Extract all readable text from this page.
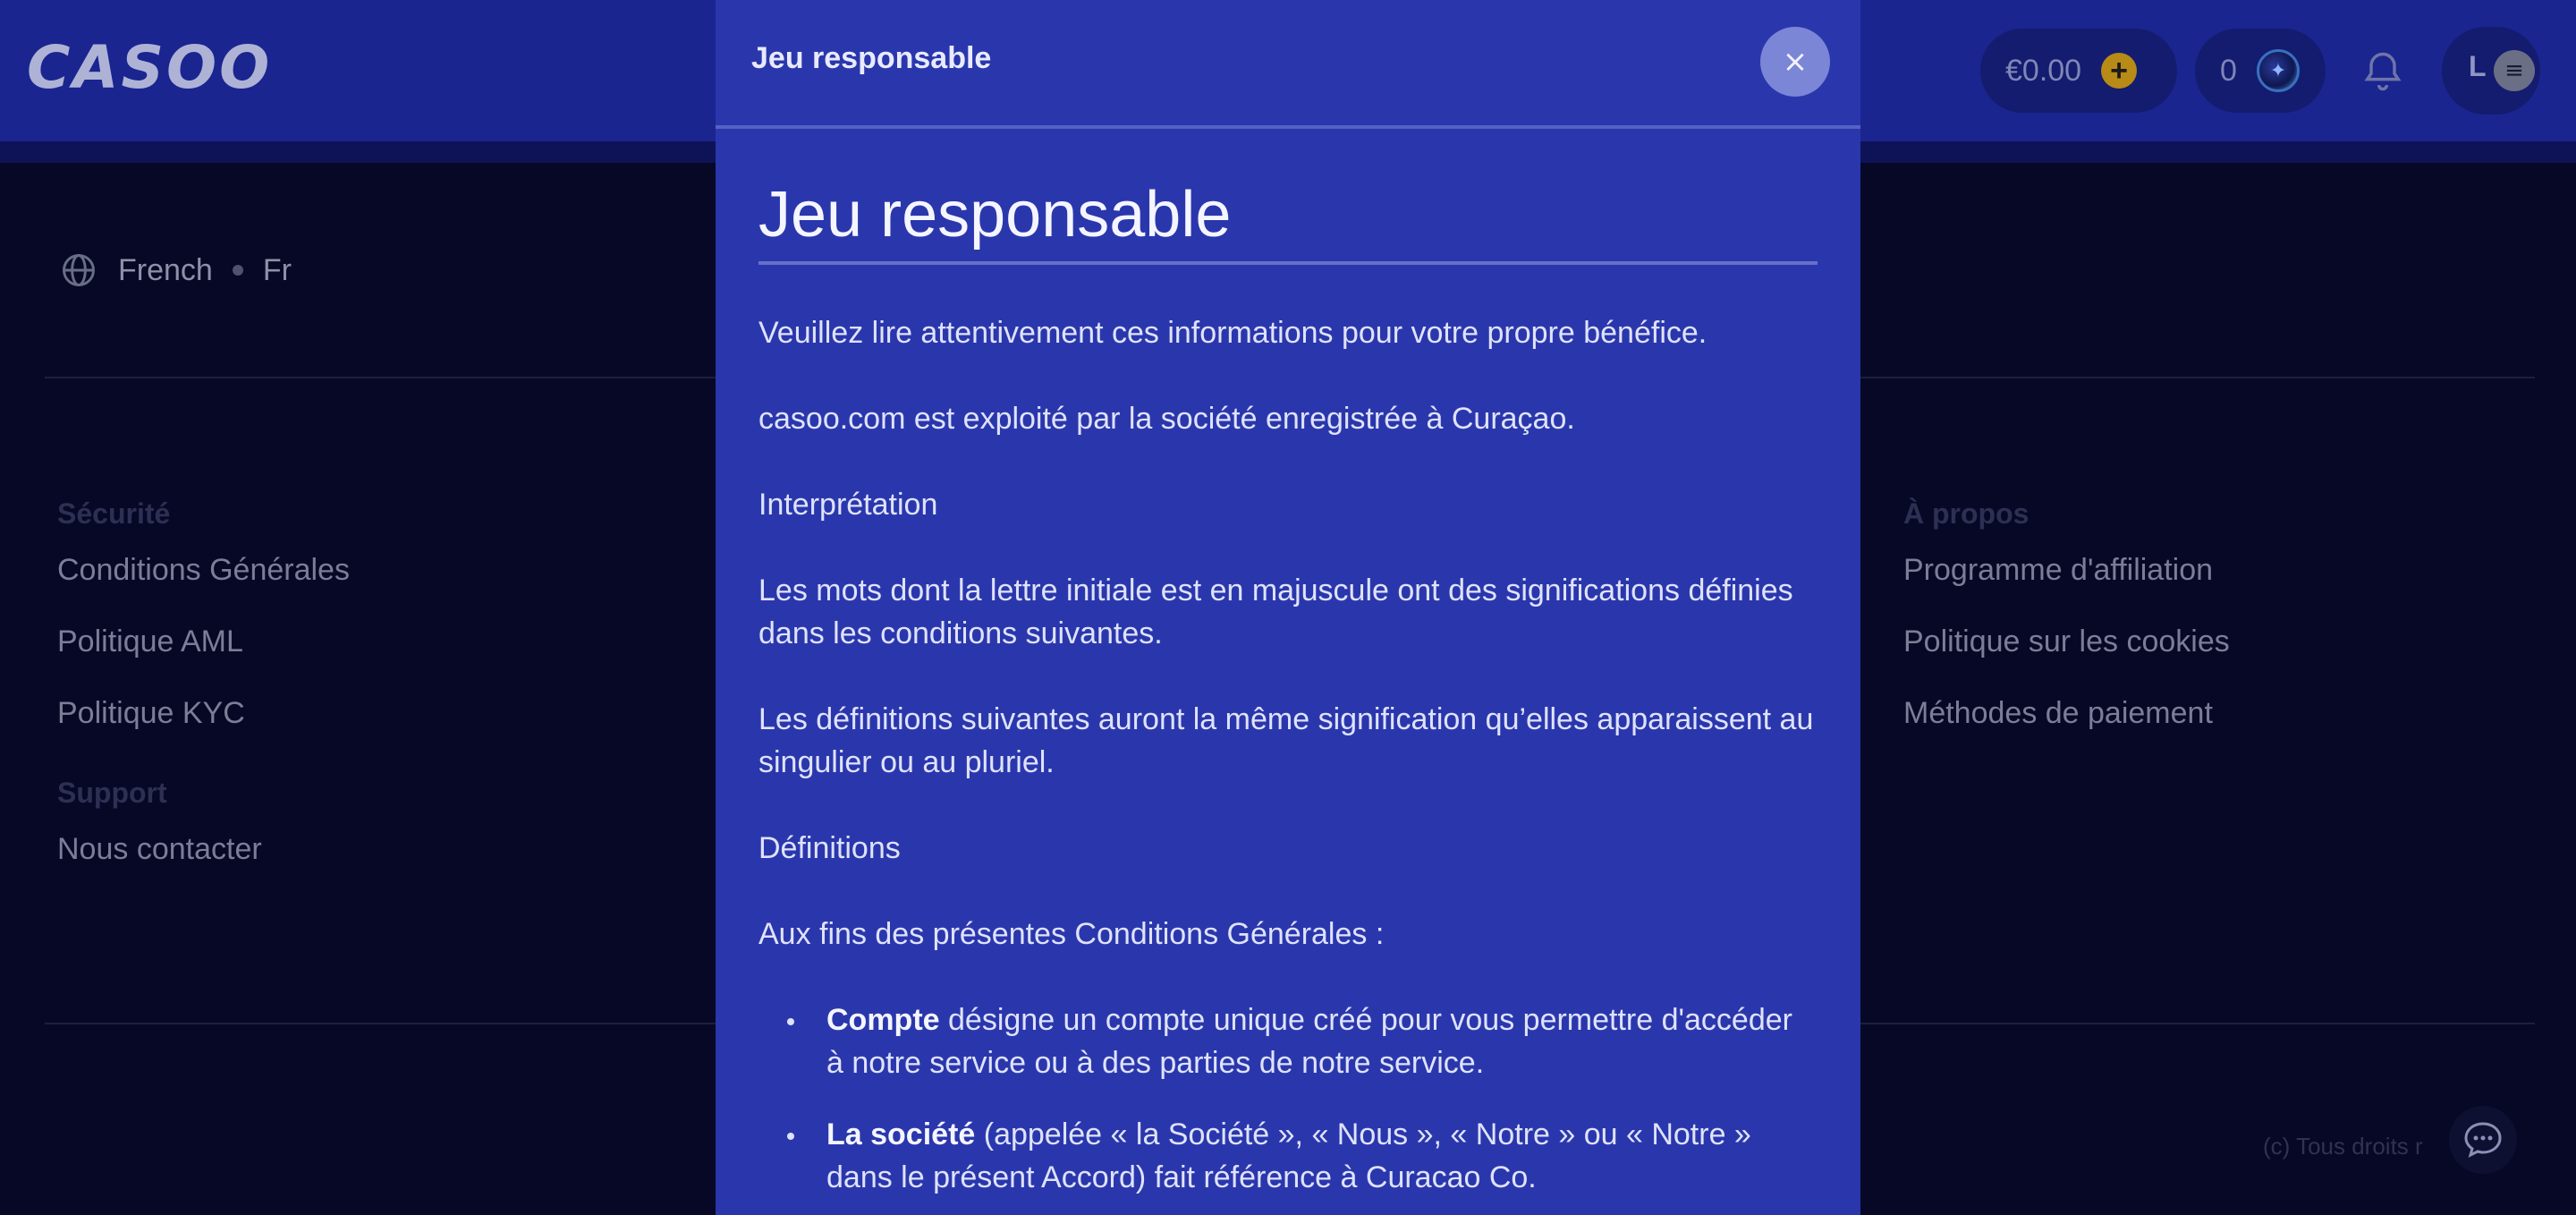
CASOO	€0.00 +	0	✦	L ≡
French Fr
Sécurité
Conditions Générales
Politique AML
Politique KYC
Support
Nous contacter
À propos
Programme d'affiliation
Politique sur les cookies
Méthodes de paiement
(c) Tous droits r
Jeu responsable	×
Jeu responsable

Veuillez lire attentivement ces informations pour votre propre bénéfice.

casoo.com est exploité par la société enregistrée à Curaçao.

Interprétation

Les mots dont la lettre initiale est en majuscule ont des significations définies dans les conditions suivantes.

Les définitions suivantes auront la même signification qu’elles apparaissent au singulier ou au pluriel.

Définitions

Aux fins des présentes Conditions Générales :

Compte désigne un compte unique créé pour vous permettre d'accéder à notre service ou à des parties de notre service.
La société (appelée « la Société », « Nous », « Notre » ou « Notre » dans le présent Accord) fait référence à Curacao Co.
